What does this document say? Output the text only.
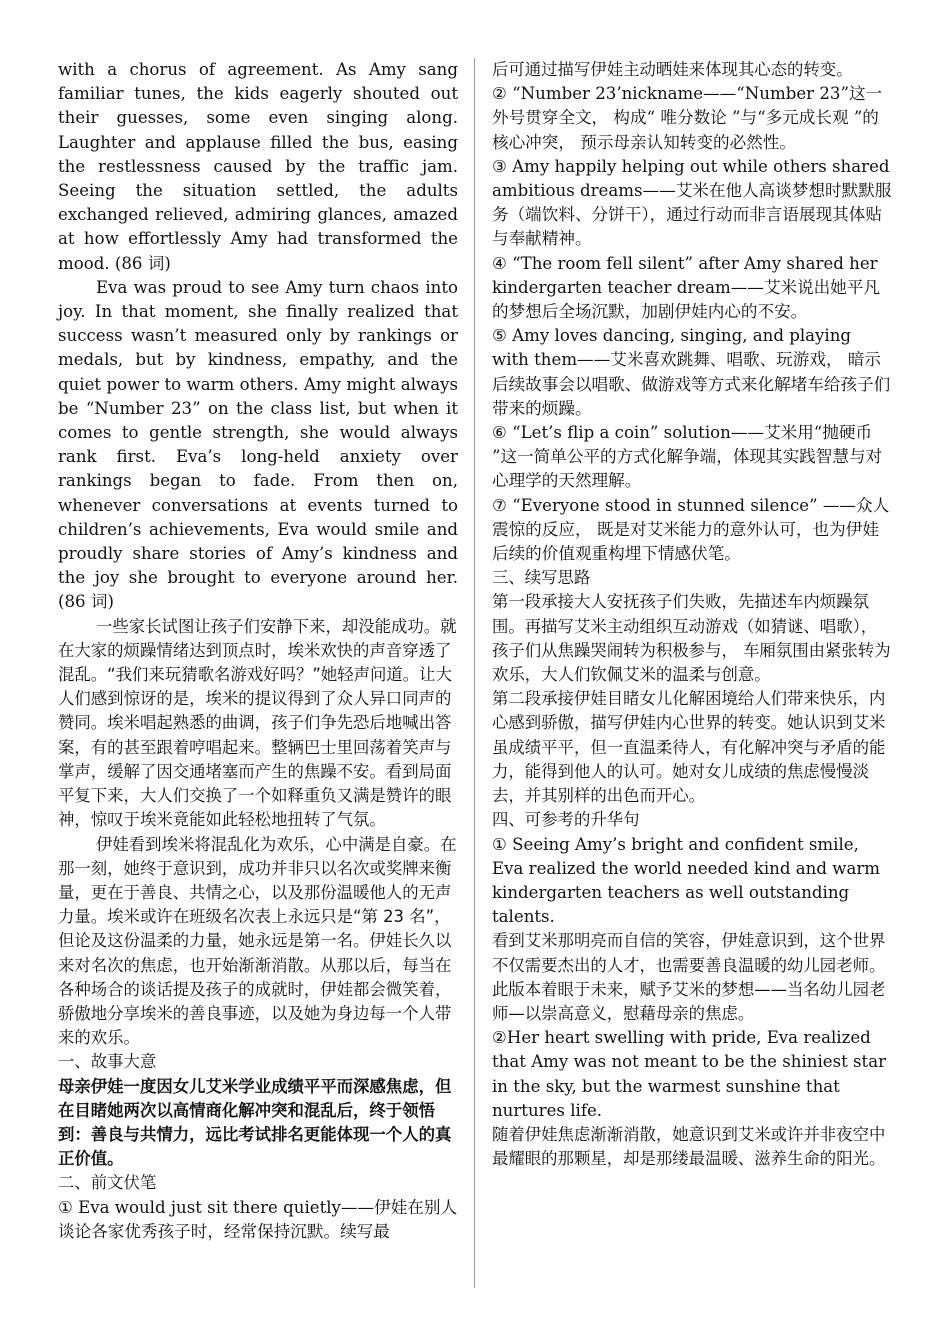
with a chorus of agreement. As Amy sang familiar tunes, the kids eagerly shouted out their guesses, some even singing along. Laughter and applause filled the bus, easing the restlessness caused by the traffic jam. Seeing the situation settled, the adults exchanged relieved, admiring glances, amazed at how effortlessly Amy had transformed the mood. (86 词)

Eva was proud to see Amy turn chaos into joy. In that moment, she finally realized that success wasn’t measured only by rankings or medals, but by kindness, empathy, and the quiet power to warm others. Amy might always be “Number 23” on the class list, but when it comes to gentle strength, she would always rank first. Eva’s long-held anxiety over rankings began to fade. From then on, whenever conversations at events turned to children’s achievements, Eva would smile and proudly share stories of Amy’s kindness and the joy she brought to everyone around her. (86 词)

一些家长试图让孩子们安静下来，却没能成功。就在大家的烦躁情绪达到顶点时，埃米欢快的声音穿透了混乱。“我们来玩猜歌名游戏好吗？”她轻声问道。让大人们感到惊讶的是，埃米的提议得到了众人异口同声的赞同。埃米唱起熟悉的曲调，孩子们争先恐后地喊出答案，有的甚至跟着哼唱起来。整辆巴士里回荡着笑声与掌声，缓解了因交通堵塞而产生的焦躁不安。看到局面平复下来，大人们交换了一个如释重负又满是赞许的眼神，惊叹于埃米竟能如此轻松地扭转了气氛。

伊娃看到埃米将混乱化为欢乐，心中满是自豪。在那一刻，她终于意识到，成功并非只以名次或奖牌来衡量，更在于善良、共情之心，以及那份温暖他人的无声力量。埃米或许在班级名次表上永远只是“第 23 名”，但论及这份温柔的力量，她永远是第一名。伊娃长久以来对名次的焦虑，也开始渐渐消散。从那以后，每当在各种场合的谈话提及孩子的成就时，伊娃都会微笑着，骄傲地分享埃米的善良事迹，以及她为身边每一个人带来的欢乐。

一、故事大意

母亲伊娃一度因女儿艾米学业成绩平平而深感焦虑，但在目睹她两次以高情商化解冲突和混乱后，终于领悟到：善良与共情力，远比考试排名更能体现一个人的真正价值。

二、前文伏笔

① Eva would just sit there quietly——伊娃在别人谈论各家优秀孩子时，经常保持沉默。续写最

后可通过描写伊娃主动晒娃来体现其心态的转变。

② “Number 23’nickname——“Number 23”这一外号贯穿全文， 构成“ 唯分数论 ”与“多元成长观 ”的核心冲突， 预示母亲认知转变的必然性。

③ Amy happily helping out while others shared ambitious dreams——艾米在他人高谈梦想时默默服务（端饮料、分饼干），通过行动而非言语展现其体贴与奉献精神。

④ “The room fell silent” after Amy shared her kindergarten teacher dream——艾米说出她平凡的梦想后全场沉默，加剧伊娃内心的不安。

⑤ Amy loves dancing, singing, and playing with them——艾米喜欢跳舞、唱歌、玩游戏， 暗示后续故事会以唱歌、做游戏等方式来化解堵车给孩子们带来的烦躁。

⑥ “Let’s flip a coin” solution——艾米用“抛硬币 ”这一简单公平的方式化解争端，体现其实践智慧与对心理学的天然理解。

⑦ “Everyone stood in stunned silence” ——众人震惊的反应， 既是对艾米能力的意外认可，也为伊娃后续的价值观重构埋下情感伏笔。

三、续写思路

第一段承接大人安抚孩子们失败，先描述车内烦躁氛围。再描写艾米主动组织互动游戏（如猜谜、唱歌），孩子们从焦躁哭闹转为积极参与， 车厢氛围由紧张转为欢乐，大人们钦佩艾米的温柔与创意。

第二段承接伊娃目睹女儿化解困境给人们带来快乐，内心感到骄傲，描写伊娃内心世界的转变。她认识到艾米虽成绩平平，但一直温柔待人，有化解冲突与矛盾的能力，能得到他人的认可。她对女儿成绩的焦虑慢慢淡去，并其别样的出色而开心。

四、可参考的升华句

① Seeing Amy’s bright and confident smile, Eva realized the world needed kind and warm kindergarten teachers as well outstanding talents.

看到艾米那明亮而自信的笑容，伊娃意识到，这个世界不仅需要杰出的人才，也需要善良温暖的幼儿园老师。

此版本着眼于未来，赋予艾米的梦想——当名幼儿园老师—以崇高意义，慰藉母亲的焦虑。

②Her heart swelling with pride, Eva realized that Amy was not meant to be the shiniest star in the sky, but the warmest sunshine that nurtures life.

随着伊娃焦虑渐渐消散，她意识到艾米或许并非夜空中最耀眼的那颗星，却是那缕最温暖、滋养生命的阳光。
